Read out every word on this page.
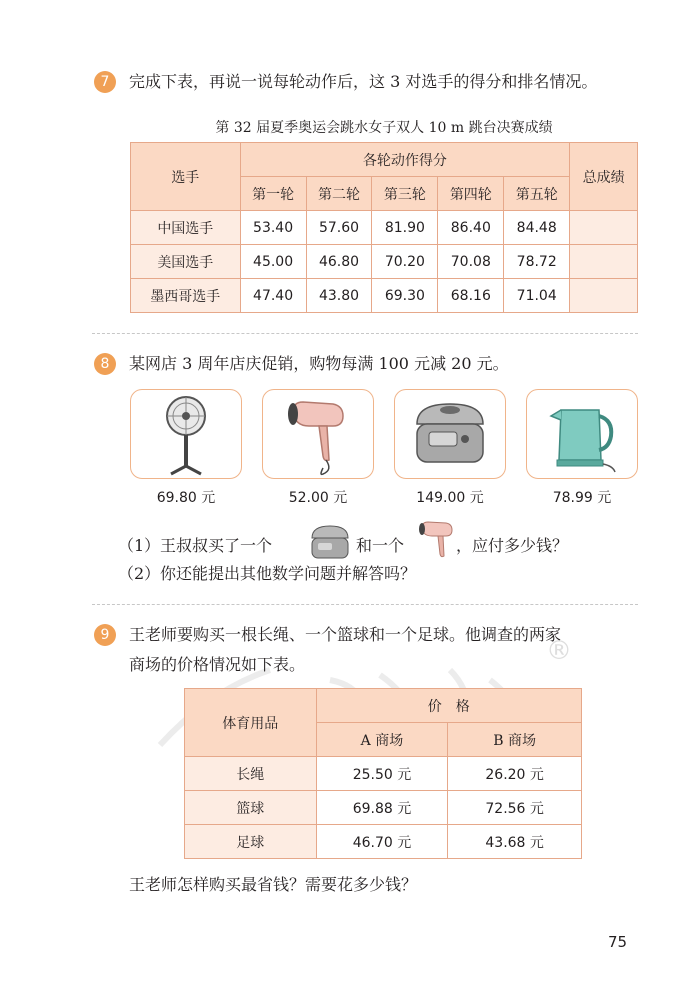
®
7	完成下表，再说一说每轮动作后，这 3 对选手的得分和排名情况。
第 32 届夏季奥运会跳水女子双人 10 m 跳台决赛成绩
选手	各轮动作得分					总成绩
	第一轮	第二轮	第三轮	第四轮	第五轮	
中国选手	53.40	57.60	81.90	86.40	84.48	
美国选手	45.00	46.80	70.20	70.08	78.72	
墨西哥选手	47.40	43.80	69.30	68.16	71.04	
8	某网店 3 周年店庆促销，购物每满 100 元减 20 元。
69.80 元	52.00 元	149.00 元	78.99 元
（1） 王叔叔买了一个	和一个	，应付多少钱？
（2） 你还能提出其他数学问题并解答吗？
9	王老师要购买一根长绳、一个篮球和一个足球。他调查的两家
商场的价格情况如下表。
体育用品	价　格	
	A 商场	B 商场
长绳	25.50 元	26.20 元
篮球	69.88 元	72.56 元
足球	46.70 元	43.68 元
王老师怎样购买最省钱？需要花多少钱？
75
